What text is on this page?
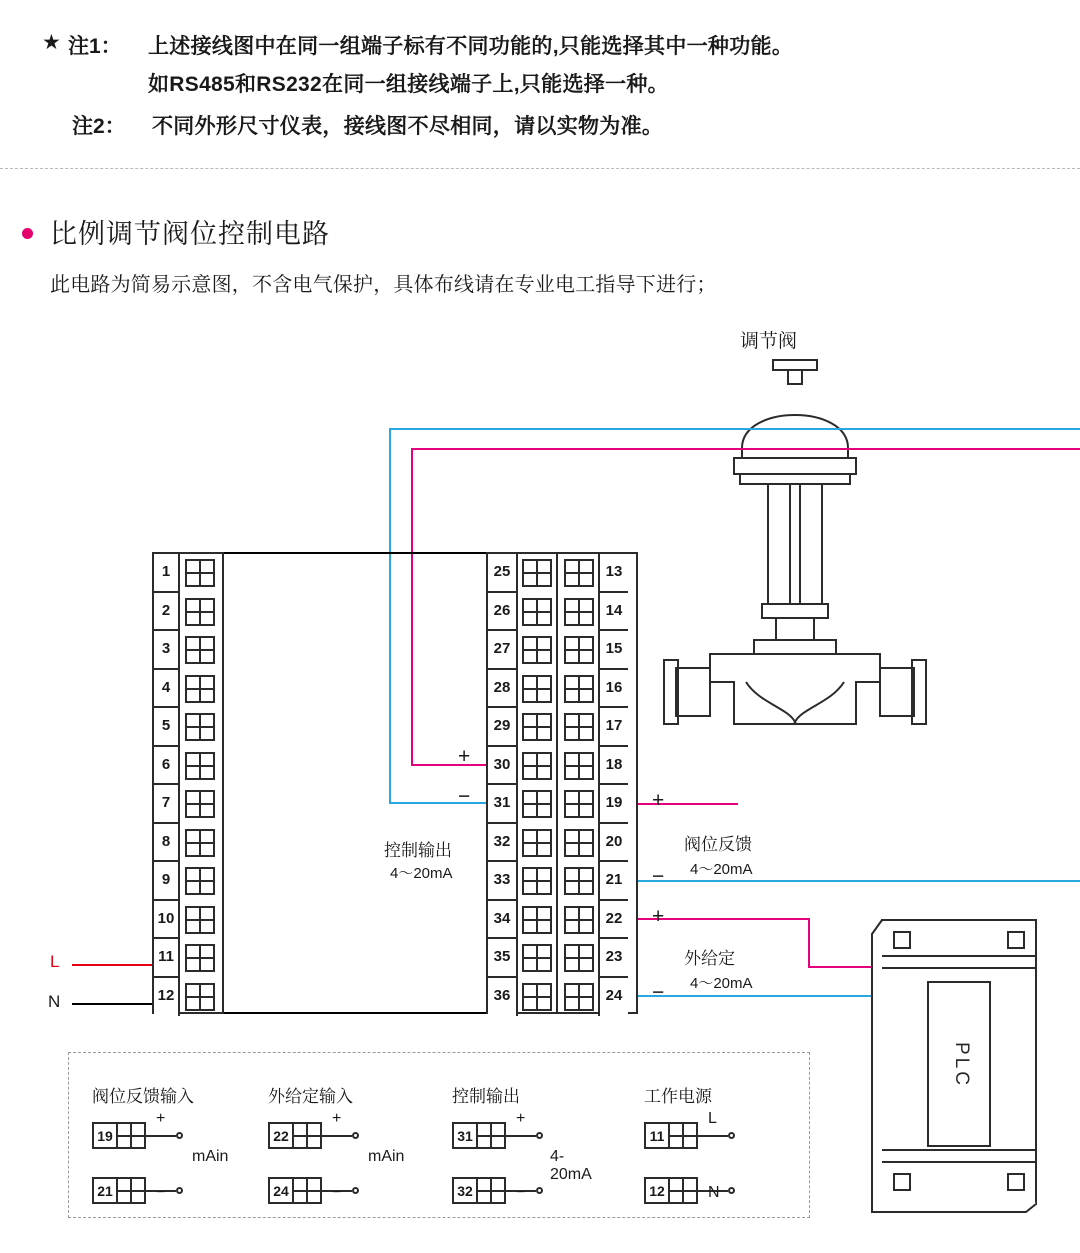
★ 注1： 上述接线图中在同一组端子标有不同功能的,只能选择其中一种功能。
如RS485和RS232在同一组接线端子上,只能选择一种。
注2： 不同外形尺寸仪表，接线图不尽相同，请以实物为准。
比例调节阀位控制电路
此电路为简易示意图，不含电气保护，具体布线请在专业电工指导下进行；
调节阀
L
N
1
2
3
4
5
6
7
8
9
10
11
12
25
26
27
28
29
30
31
32
33
34
35
36
13
14
15
16
17
18
19
20
21
22
23
24
+
−
控制输出
4～20mA
+
−
阀位反馈
4～20mA
+
−
外给定
4～20mA
PLC
阀位反馈输入
19
+
mAin
21	−
外给定输入
22
+
mAin
24	−
控制输出
31
+
4-20mA
32	−
工作电源
11
L
12	N
